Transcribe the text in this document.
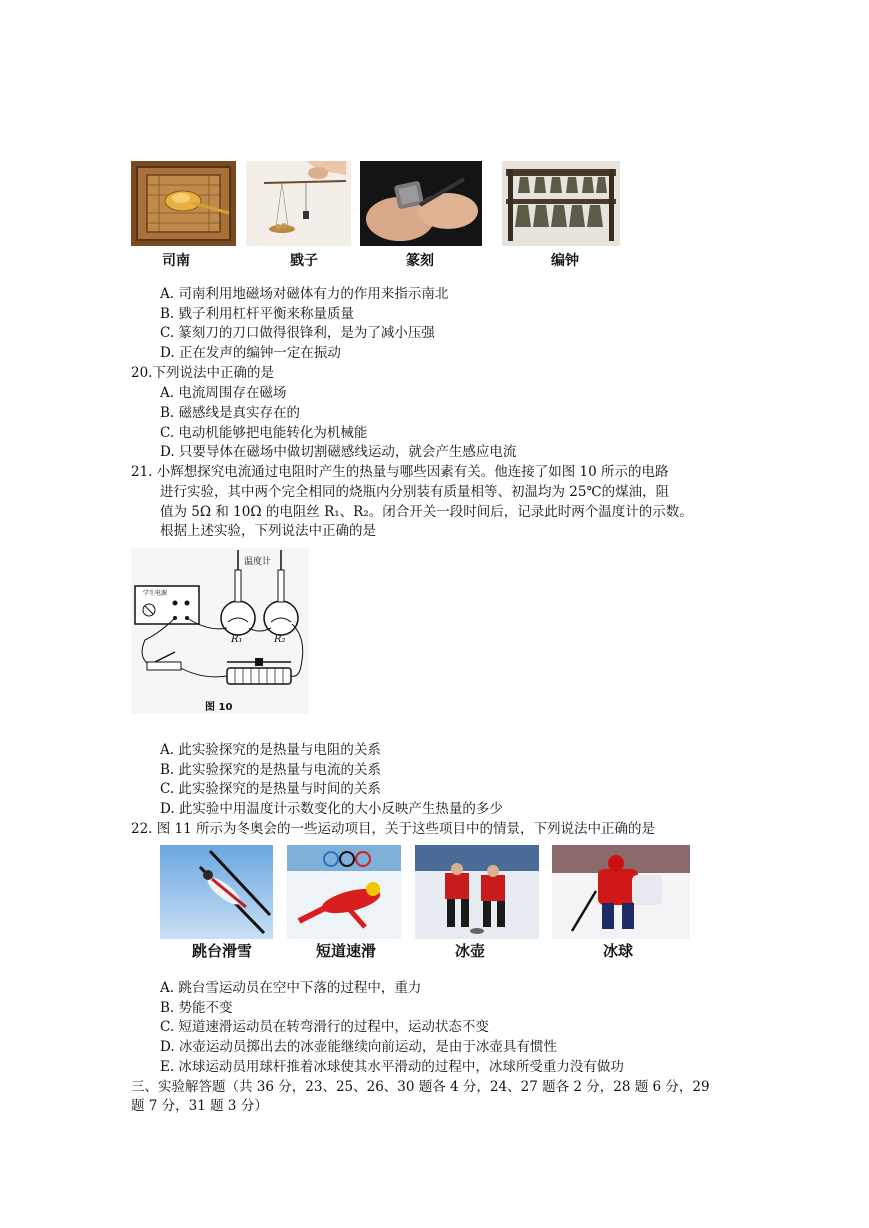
司南	戥子	篆刻	编钟
A. 司南利用地磁场对磁体有力的作用来指示南北
B. 戥子利用杠杆平衡来称量质量
C. 篆刻刀的刀口做得很锋利，是为了减小压强
D. 正在发声的编钟一定在振动
20.下列说法中正确的是
A. 电流周围存在磁场
B. 磁感线是真实存在的
C. 电动机能够把电能转化为机械能
D. 只要导体在磁场中做切割磁感线运动，就会产生感应电流
21. 小辉想探究电流通过电阻时产生的热量与哪些因素有关。他连接了如图 10 所示的电路
进行实验，其中两个完全相同的烧瓶内分别装有质量相等、初温均为 25℃的煤油，阻
值为 5Ω 和 10Ω 的电阻丝 R₁、R₂。闭合开关一段时间后，记录此时两个温度计的示数。
根据上述实验，下列说法中正确的是
温度计
学生电源
R₁	R₂
图 10
A. 此实验探究的是热量与电阻的关系
B. 此实验探究的是热量与电流的关系
C. 此实验探究的是热量与时间的关系
D. 此实验中用温度计示数变化的大小反映产生热量的多少
22. 图 11 所示为冬奥会的一些运动项目，关于这些项目中的情景，下列说法中正确的是
跳台滑雪	短道速滑	冰壶	冰球
A. 跳台雪运动员在空中下落的过程中，重力
B. 势能不变
C. 短道速滑运动员在转弯滑行的过程中，运动状态不变
D. 冰壶运动员掷出去的冰壶能继续向前运动，是由于冰壶具有惯性
E. 冰球运动员用球杆推着冰球使其水平滑动的过程中，冰球所受重力没有做功
三、实验解答题（共 36 分，23、25、26、30 题各 4 分，24、27 题各 2 分，28 题 6 分，29
题 7 分，31 题 3 分）
